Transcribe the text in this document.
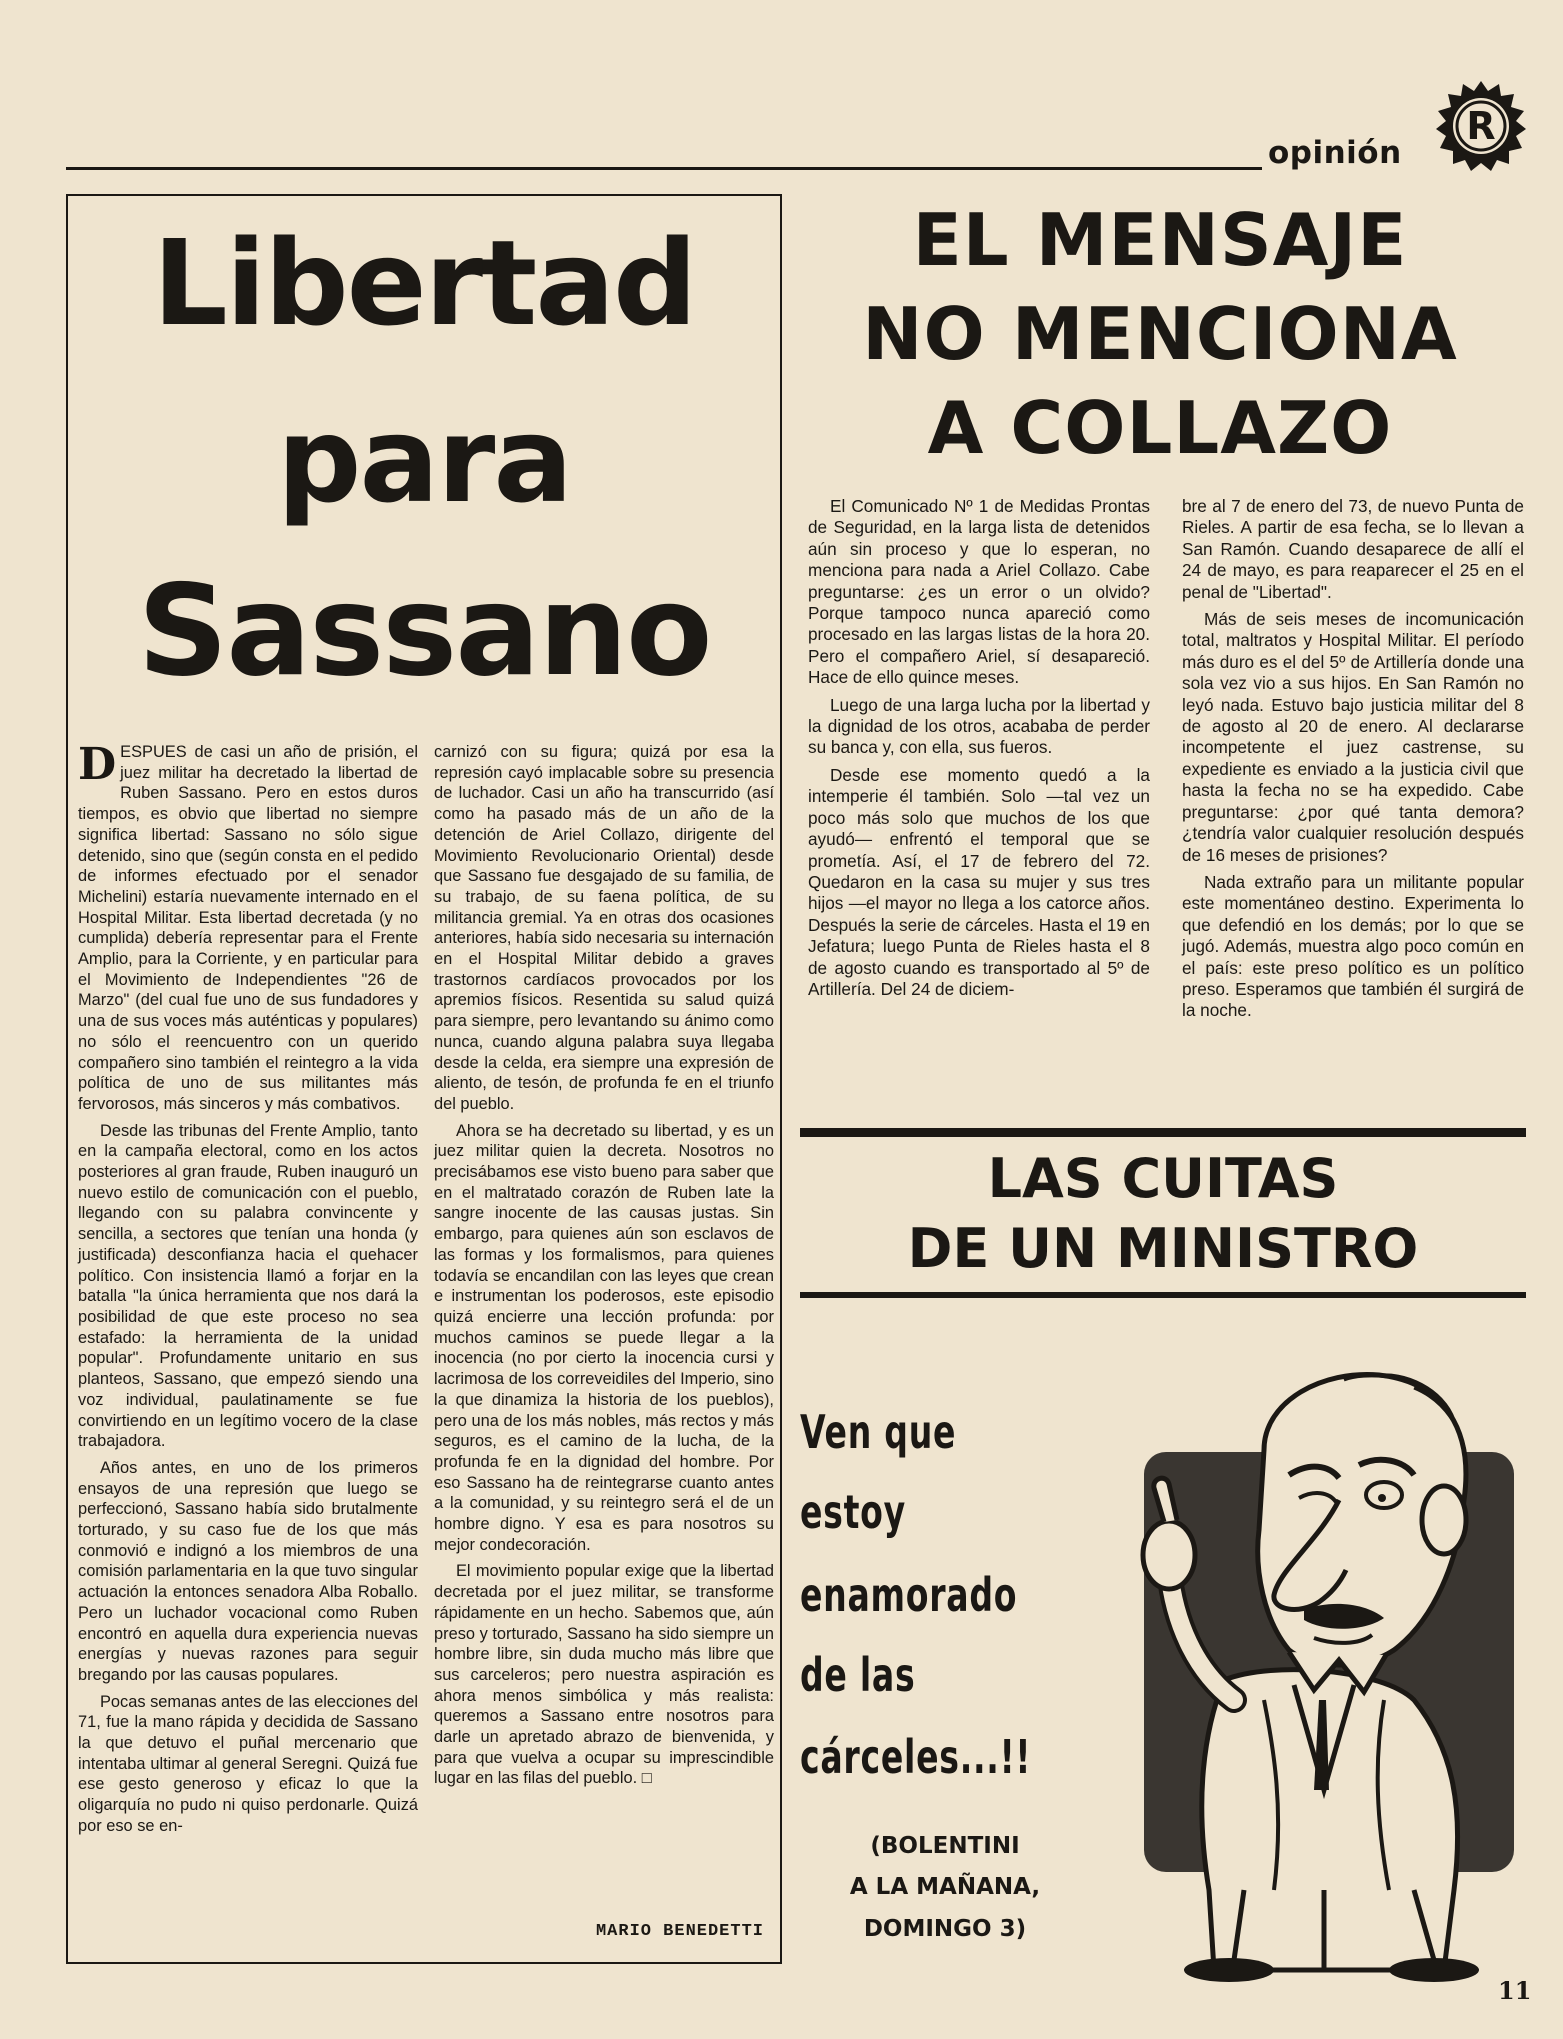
opinión
R
Libertad
para
Sassano

DESPUES de casi un año de prisión, el juez militar ha decretado la libertad de Ruben Sassano. Pero en estos duros tiempos, es obvio que libertad no siempre significa libertad: Sassano no sólo sigue detenido, sino que (según consta en el pedido de informes efectuado por el senador Michelini) estaría nuevamente internado en el Hospital Militar. Esta libertad decretada (y no cumplida) debería representar para el Frente Amplio, para la Corriente, y en particular para el Movimiento de Independientes "26 de Marzo" (del cual fue uno de sus fundadores y una de sus voces más auténticas y populares) no sólo el reencuentro con un querido compañero sino también el reintegro a la vida política de uno de sus militantes más fervorosos, más sinceros y más combativos.

Desde las tribunas del Frente Amplio, tanto en la campaña electoral, como en los actos posteriores al gran fraude, Ruben inauguró un nuevo estilo de comunicación con el pueblo, llegando con su palabra convincente y sencilla, a sectores que tenían una honda (y justificada) desconfianza hacia el quehacer político. Con insistencia llamó a forjar en la batalla "la única herramienta que nos dará la posibilidad de que este proceso no sea estafado: la herramienta de la unidad popular". Profundamente unitario en sus planteos, Sassano, que empezó siendo una voz individual, paulatinamente se fue convirtiendo en un legítimo vocero de la clase trabajadora.

Años antes, en uno de los primeros ensayos de una represión que luego se perfeccionó, Sassano había sido brutalmente torturado, y su caso fue de los que más conmovió e indignó a los miembros de una comisión parlamentaria en la que tuvo singular actuación la entonces senadora Alba Roballo. Pero un luchador vocacional como Ruben encontró en aquella dura experiencia nuevas energías y nuevas razones para seguir bregando por las causas populares.

Pocas semanas antes de las elecciones del 71, fue la mano rápida y decidida de Sassano la que detuvo el puñal mercenario que intentaba ultimar al general Seregni. Quizá fue ese gesto generoso y eficaz lo que la oligarquía no pudo ni quiso perdonarle. Quizá por eso se en-

carnizó con su figura; quizá por esa la represión cayó implacable sobre su presencia de luchador. Casi un año ha transcurrido (así como ha pasado más de un año de la detención de Ariel Collazo, dirigente del Movimiento Revolucionario Oriental) desde que Sassano fue desgajado de su familia, de su trabajo, de su faena política, de su militancia gremial. Ya en otras dos ocasiones anteriores, había sido necesaria su internación en el Hospital Militar debido a graves trastornos cardíacos provocados por los apremios físicos. Resentida su salud quizá para siempre, pero levantando su ánimo como nunca, cuando alguna palabra suya llegaba desde la celda, era siempre una expresión de aliento, de tesón, de profunda fe en el triunfo del pueblo.

Ahora se ha decretado su libertad, y es un juez militar quien la decreta. Nosotros no precisábamos ese visto bueno para saber que en el maltratado corazón de Ruben late la sangre inocente de las causas justas. Sin embargo, para quienes aún son esclavos de las formas y los formalismos, para quienes todavía se encandilan con las leyes que crean e instrumentan los poderosos, este episodio quizá encierre una lección profunda: por muchos caminos se puede llegar a la inocencia (no por cierto la inocencia cursi y lacrimosa de los correveidiles del Imperio, sino la que dinamiza la historia de los pueblos), pero una de los más nobles, más rectos y más seguros, es el camino de la lucha, de la profunda fe en la dignidad del hombre. Por eso Sassano ha de reintegrarse cuanto antes a la comunidad, y su reintegro será el de un hombre digno. Y esa es para nosotros su mejor condecoración.

El movimiento popular exige que la libertad decretada por el juez militar, se transforme rápidamente en un hecho. Sabemos que, aún preso y torturado, Sassano ha sido siempre un hombre libre, sin duda mucho más libre que sus carceleros; pero nuestra aspiración es ahora menos simbólica y más realista: queremos a Sassano entre nosotros para darle un apretado abrazo de bienvenida, y para que vuelva a ocupar su imprescindible lugar en las filas del pueblo. □

MARIO BENEDETTI
EL MENSAJE
NO MENCIONA
A COLLAZO

El Comunicado Nº 1 de Medidas Prontas de Seguridad, en la larga lista de detenidos aún sin proceso y que lo esperan, no menciona para nada a Ariel Collazo. Cabe preguntarse: ¿es un error o un olvido? Porque tampoco nunca apareció como procesado en las largas listas de la hora 20. Pero el compañero Ariel, sí desapareció. Hace de ello quince meses.

Luego de una larga lucha por la libertad y la dignidad de los otros, acababa de perder su banca y, con ella, sus fueros.

Desde ese momento quedó a la intemperie él también. Solo —tal vez un poco más solo que muchos de los que ayudó— enfrentó el temporal que se prometía. Así, el 17 de febrero del 72. Quedaron en la casa su mujer y sus tres hijos —el mayor no llega a los catorce años. Después la serie de cárceles. Hasta el 19 en Jefatura; luego Punta de Rieles hasta el 8 de agosto cuando es transportado al 5º de Artillería. Del 24 de diciem-

bre al 7 de enero del 73, de nuevo Punta de Rieles. A partir de esa fecha, se lo llevan a San Ramón. Cuando desaparece de allí el 24 de mayo, es para reaparecer el 25 en el penal de "Libertad".

Más de seis meses de incomunicación total, maltratos y Hospital Militar. El período más duro es el del 5º de Artillería donde una sola vez vio a sus hijos. En San Ramón no leyó nada. Estuvo bajo justicia militar del 8 de agosto al 20 de enero. Al declararse incompetente el juez castrense, su expediente es enviado a la justicia civil que hasta la fecha no se ha expedido. Cabe preguntarse: ¿por qué tanta demora? ¿tendría valor cualquier resolución después de 16 meses de prisiones?

Nada extraño para un militante popular este momentáneo destino. Experimenta lo que defendió en los demás; por lo que se jugó. Además, muestra algo poco común en el país: este preso político es un político preso. Esperamos que también él surgirá de la noche.

LAS CUITAS
DE UN MINISTRO
Ven que
estoy
enamorado
de las
cárceles...!!
(BOLENTINI
A LA MAÑANA,
DOMINGO 3)
11
